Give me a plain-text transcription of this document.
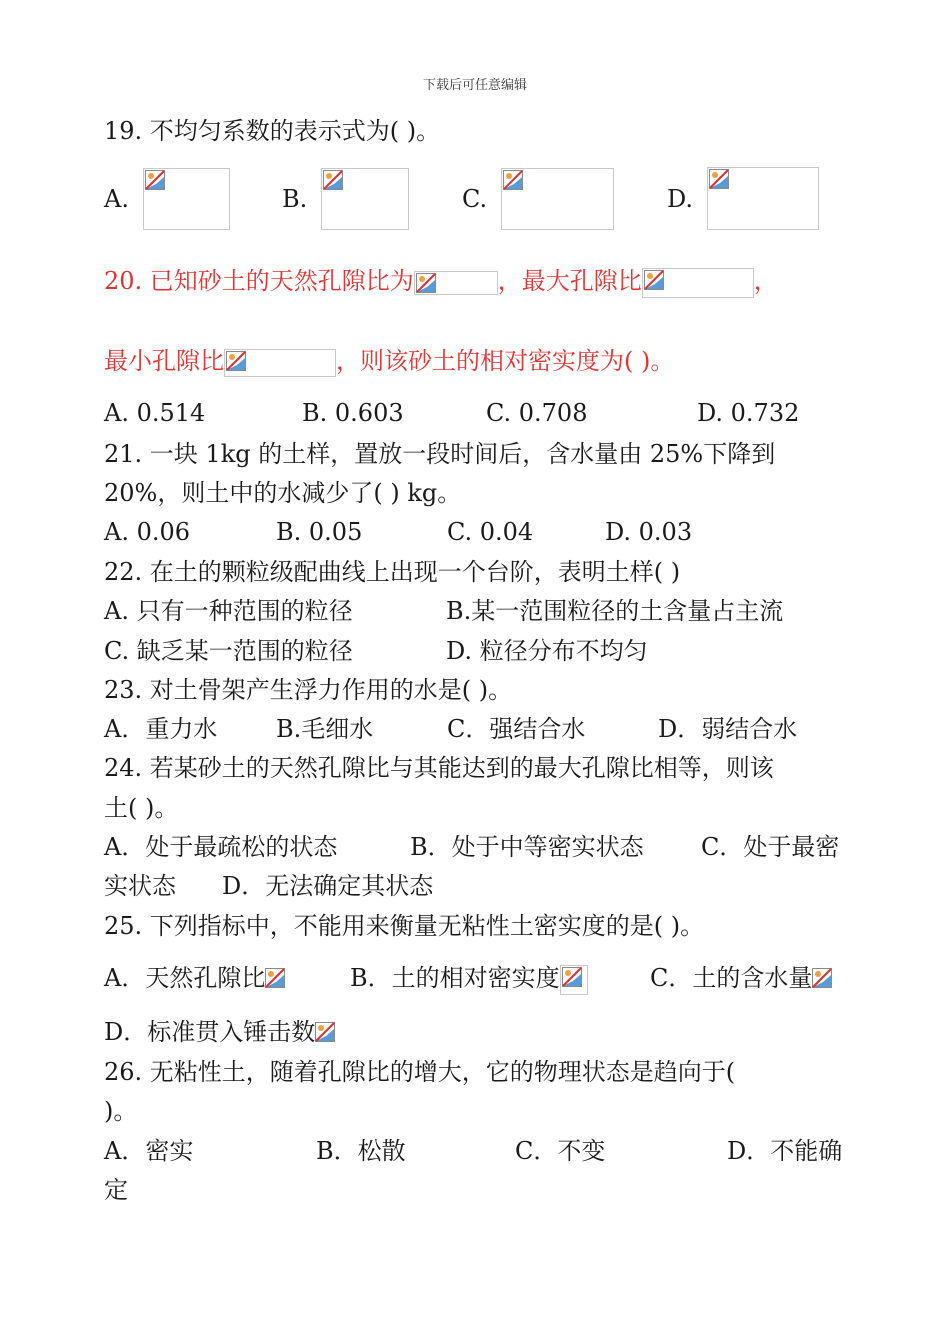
下载后可任意编辑
19. 不均匀系数的表示式为( )。
A.	B.	C.	D.
20. 已知砂土的天然孔隙比为	，最大孔隙比	，
最小孔隙比	，则该砂土的相对密实度为( )。
A. 0.514	B. 0.603	C. 0.708	D. 0.732
21. 一块 1kg 的土样，置放一段时间后，含水量由 25%下降到
20%，则土中的水减少了( ) kg。
A. 0.06	B. 0.05	C. 0.04	D. 0.03
22. 在土的颗粒级配曲线上出现一个台阶，表明土样( )
A. 只有一种范围的粒径	B.某一范围粒径的土含量占主流
C. 缺乏某一范围的粒径	D. 粒径分布不均匀
23. 对土骨架产生浮力作用的水是( )。
A．重力水 B.毛细水	C．强结合水	D．弱结合水
24. 若某砂土的天然孔隙比与其能达到的最大孔隙比相等，则该
土( )。
A．处于最疏松的状态	B．处于中等密实状态 C．处于最密
实状态 D．无法确定其状态
25. 下列指标中，不能用来衡量无粘性土密实度的是( )。
A．天然孔隙比	B．土的相对密实度	C．土的含水量
D．标准贯入锤击数
26. 无粘性土，随着孔隙比的增大，它的物理状态是趋向于(
)。
A．密实	B．松散	C．不变	D．不能确
定
